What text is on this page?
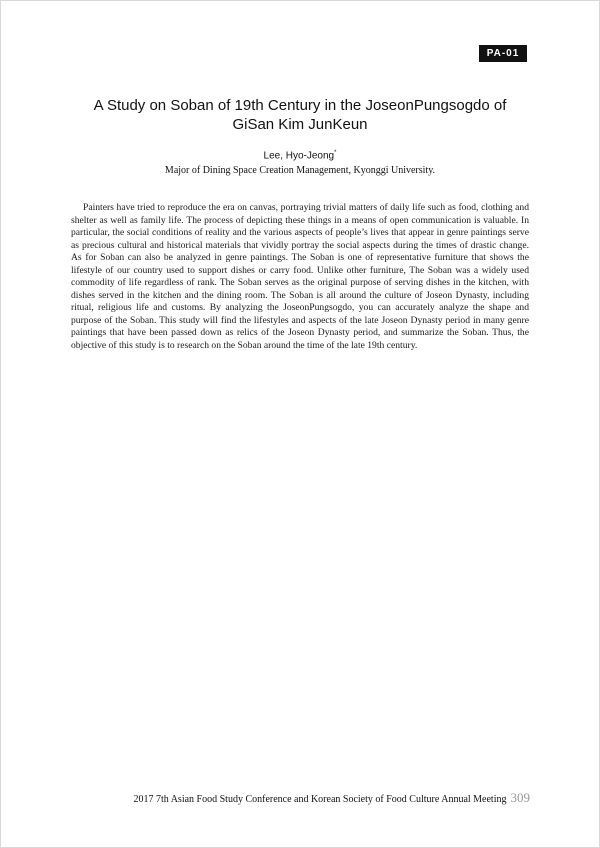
PA-01
A Study on Soban of 19th Century in the JoseonPungsogdo of
GiSan Kim JunKeun
Lee, Hyo-Jeong*
Major of Dining Space Creation Management, Kyonggi University.

Painters have tried to reproduce the era on canvas, portraying trivial matters of daily life such as food, clothing and shelter as well as family life. The process of depicting these things in a means of open communication is valuable. In particular, the social conditions of reality and the various aspects of people’s lives that appear in genre paintings serve as precious cultural and historical materials that vividly portray the social aspects during the times of drastic change. As for Soban can also be analyzed in genre paintings. The Soban is one of representative furniture that shows the lifestyle of our country used to support dishes or carry food. Unlike other furniture, The Soban was a widely used commodity of life regardless of rank. The Soban serves as the original purpose of serving dishes in the kitchen, with dishes served in the kitchen and the dining room. The Soban is all around the culture of Joseon Dynasty, including ritual, religious life and customs. By analyzing the JoseonPungsogdo, you can accurately analyze the shape and purpose of the Soban. This study will find the lifestyles and aspects of the late Joseon Dynasty period in many genre paintings that have been passed down as relics of the Joseon Dynasty period, and summarize the Soban. Thus, the objective of this study is to research on the Soban around the time of the late 19th century.

2017 7th Asian Food Study Conference and Korean Society of Food Culture Annual Meeting 309
